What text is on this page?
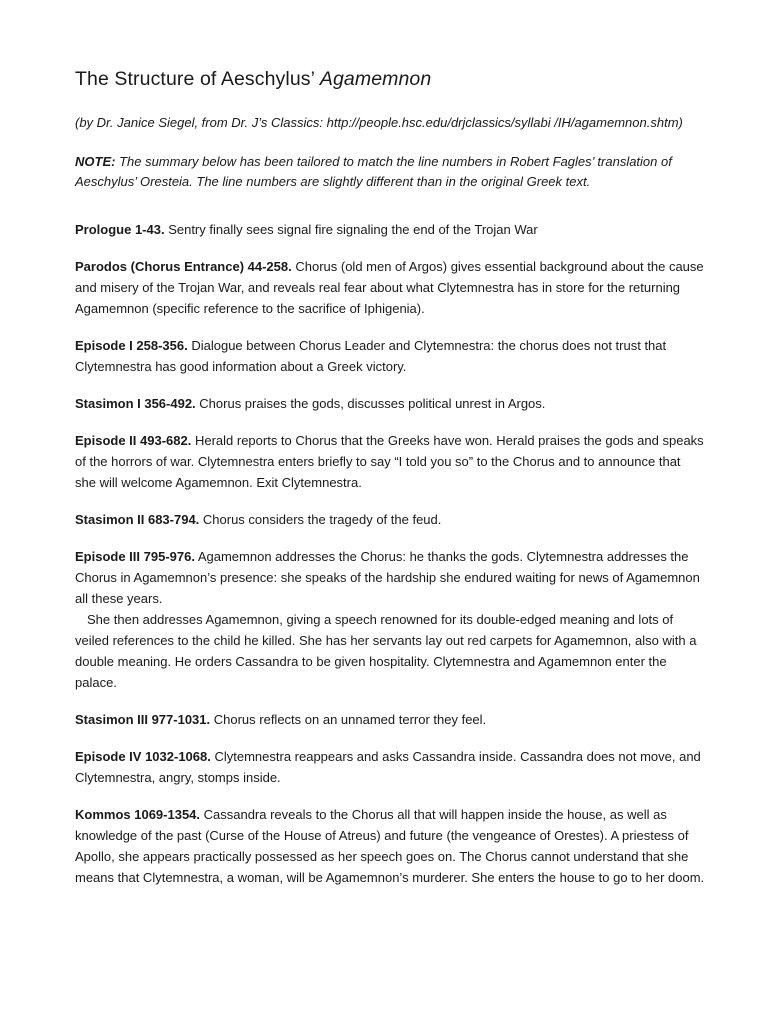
The Structure of Aeschylus’ Agamemnon

(by Dr. Janice Siegel, from Dr. J’s Classics: http://people.hsc.edu/drjclassics/syllabi /IH/agamemnon.shtm)

NOTE: The summary below has been tailored to match the line numbers in Robert Fagles’ translation of Aeschylus’ Oresteia. The line numbers are slightly different than in the original Greek text.

Prologue 1-43. Sentry finally sees signal fire signaling the end of the Trojan War

Parodos (Chorus Entrance) 44-258. Chorus (old men of Argos) gives essential background about the cause and misery of the Trojan War, and reveals real fear about what Clytemnestra has in store for the returning Agamemnon (specific reference to the sacrifice of Iphigenia).

Episode I 258-356. Dialogue between Chorus Leader and Clytemnestra: the chorus does not trust that Clytemnestra has good information about a Greek victory.

Stasimon I 356-492. Chorus praises the gods, discusses political unrest in Argos.

Episode II 493-682. Herald reports to Chorus that the Greeks have won. Herald praises the gods and speaks of the horrors of war. Clytemnestra enters briefly to say “I told you so” to the Chorus and to announce that she will welcome Agamemnon. Exit Clytemnestra.

Stasimon II 683-794. Chorus considers the tragedy of the feud.

Episode III 795-976. Agamemnon addresses the Chorus: he thanks the gods. Clytemnestra addresses the Chorus in Agamemnon’s presence: she speaks of the hardship she endured waiting for news of Agamemnon all these years.
She then addresses Agamemnon, giving a speech renowned for its double-edged meaning and lots of veiled references to the child he killed. She has her servants lay out red carpets for Agamemnon, also with a double meaning. He orders Cassandra to be given hospitality. Clytemnestra and Agamemnon enter the palace.

Stasimon III 977-1031. Chorus reflects on an unnamed terror they feel.

Episode IV 1032-1068. Clytemnestra reappears and asks Cassandra inside. Cassandra does not move, and Clytemnestra, angry, stomps inside.

Kommos 1069-1354. Cassandra reveals to the Chorus all that will happen inside the house, as well as knowledge of the past (Curse of the House of Atreus) and future (the vengeance of Orestes). A priestess of Apollo, she appears practically possessed as her speech goes on. The Chorus cannot understand that she means that Clytemnestra, a woman, will be Agamemnon’s murderer. She enters the house to go to her doom.
